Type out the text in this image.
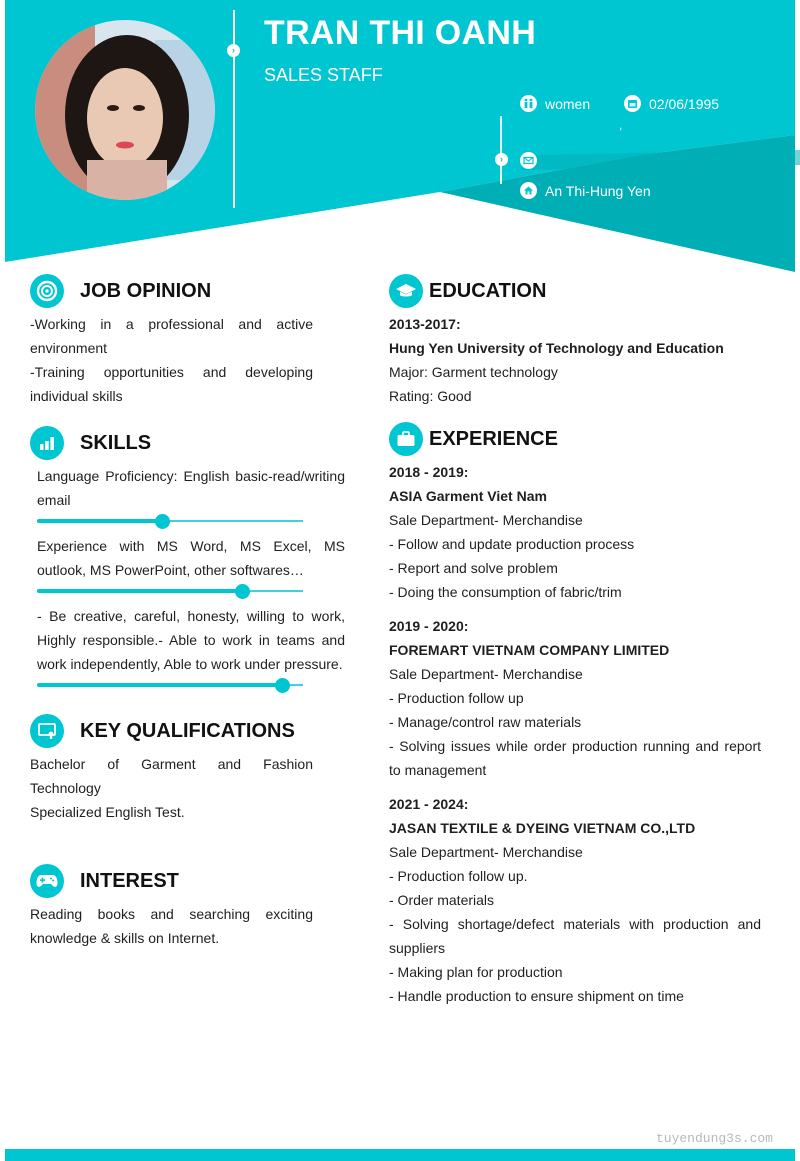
›
›
TRAN THI OANH
SALES STAFF
women	02/06/1995
,
An Thi-Hung Yen
JOB OPINION
-Working in a professional and active environment
-Training opportunities and developing individual skills
SKILLS
Language Proficiency: English basic-read/writing email
Experience with MS Word, MS Excel, MS outlook, MS PowerPoint, other softwares…
- Be creative, careful, honesty, willing to work, Highly responsible.- Able to work in teams and work independently, Able to work under pressure.
KEY QUALIFICATIONS
Bachelor of Garment and Fashion Technology
Specialized English Test.
INTEREST
Reading books and searching exciting knowledge & skills on Internet.
EDUCATION
2013-2017:
Hung Yen University of Technology and Education
Major: Garment technology
Rating: Good
EXPERIENCE
2018 - 2019:
ASIA Garment Viet Nam
Sale Department- Merchandise
- Follow and update production process
- Report and solve problem
- Doing the consumption of fabric/trim
2019 - 2020:
FOREMART VIETNAM COMPANY LIMITED
Sale Department- Merchandise
- Production follow up
- Manage/control raw materials
- Solving issues while order production running and report to management
2021 - 2024:
JASAN TEXTILE & DYEING VIETNAM CO.,LTD
Sale Department- Merchandise
- Production follow up.
- Order materials
- Solving shortage/defect materials with production and suppliers
- Making plan for production
- Handle production to ensure shipment on time
tuyendung3s.com
